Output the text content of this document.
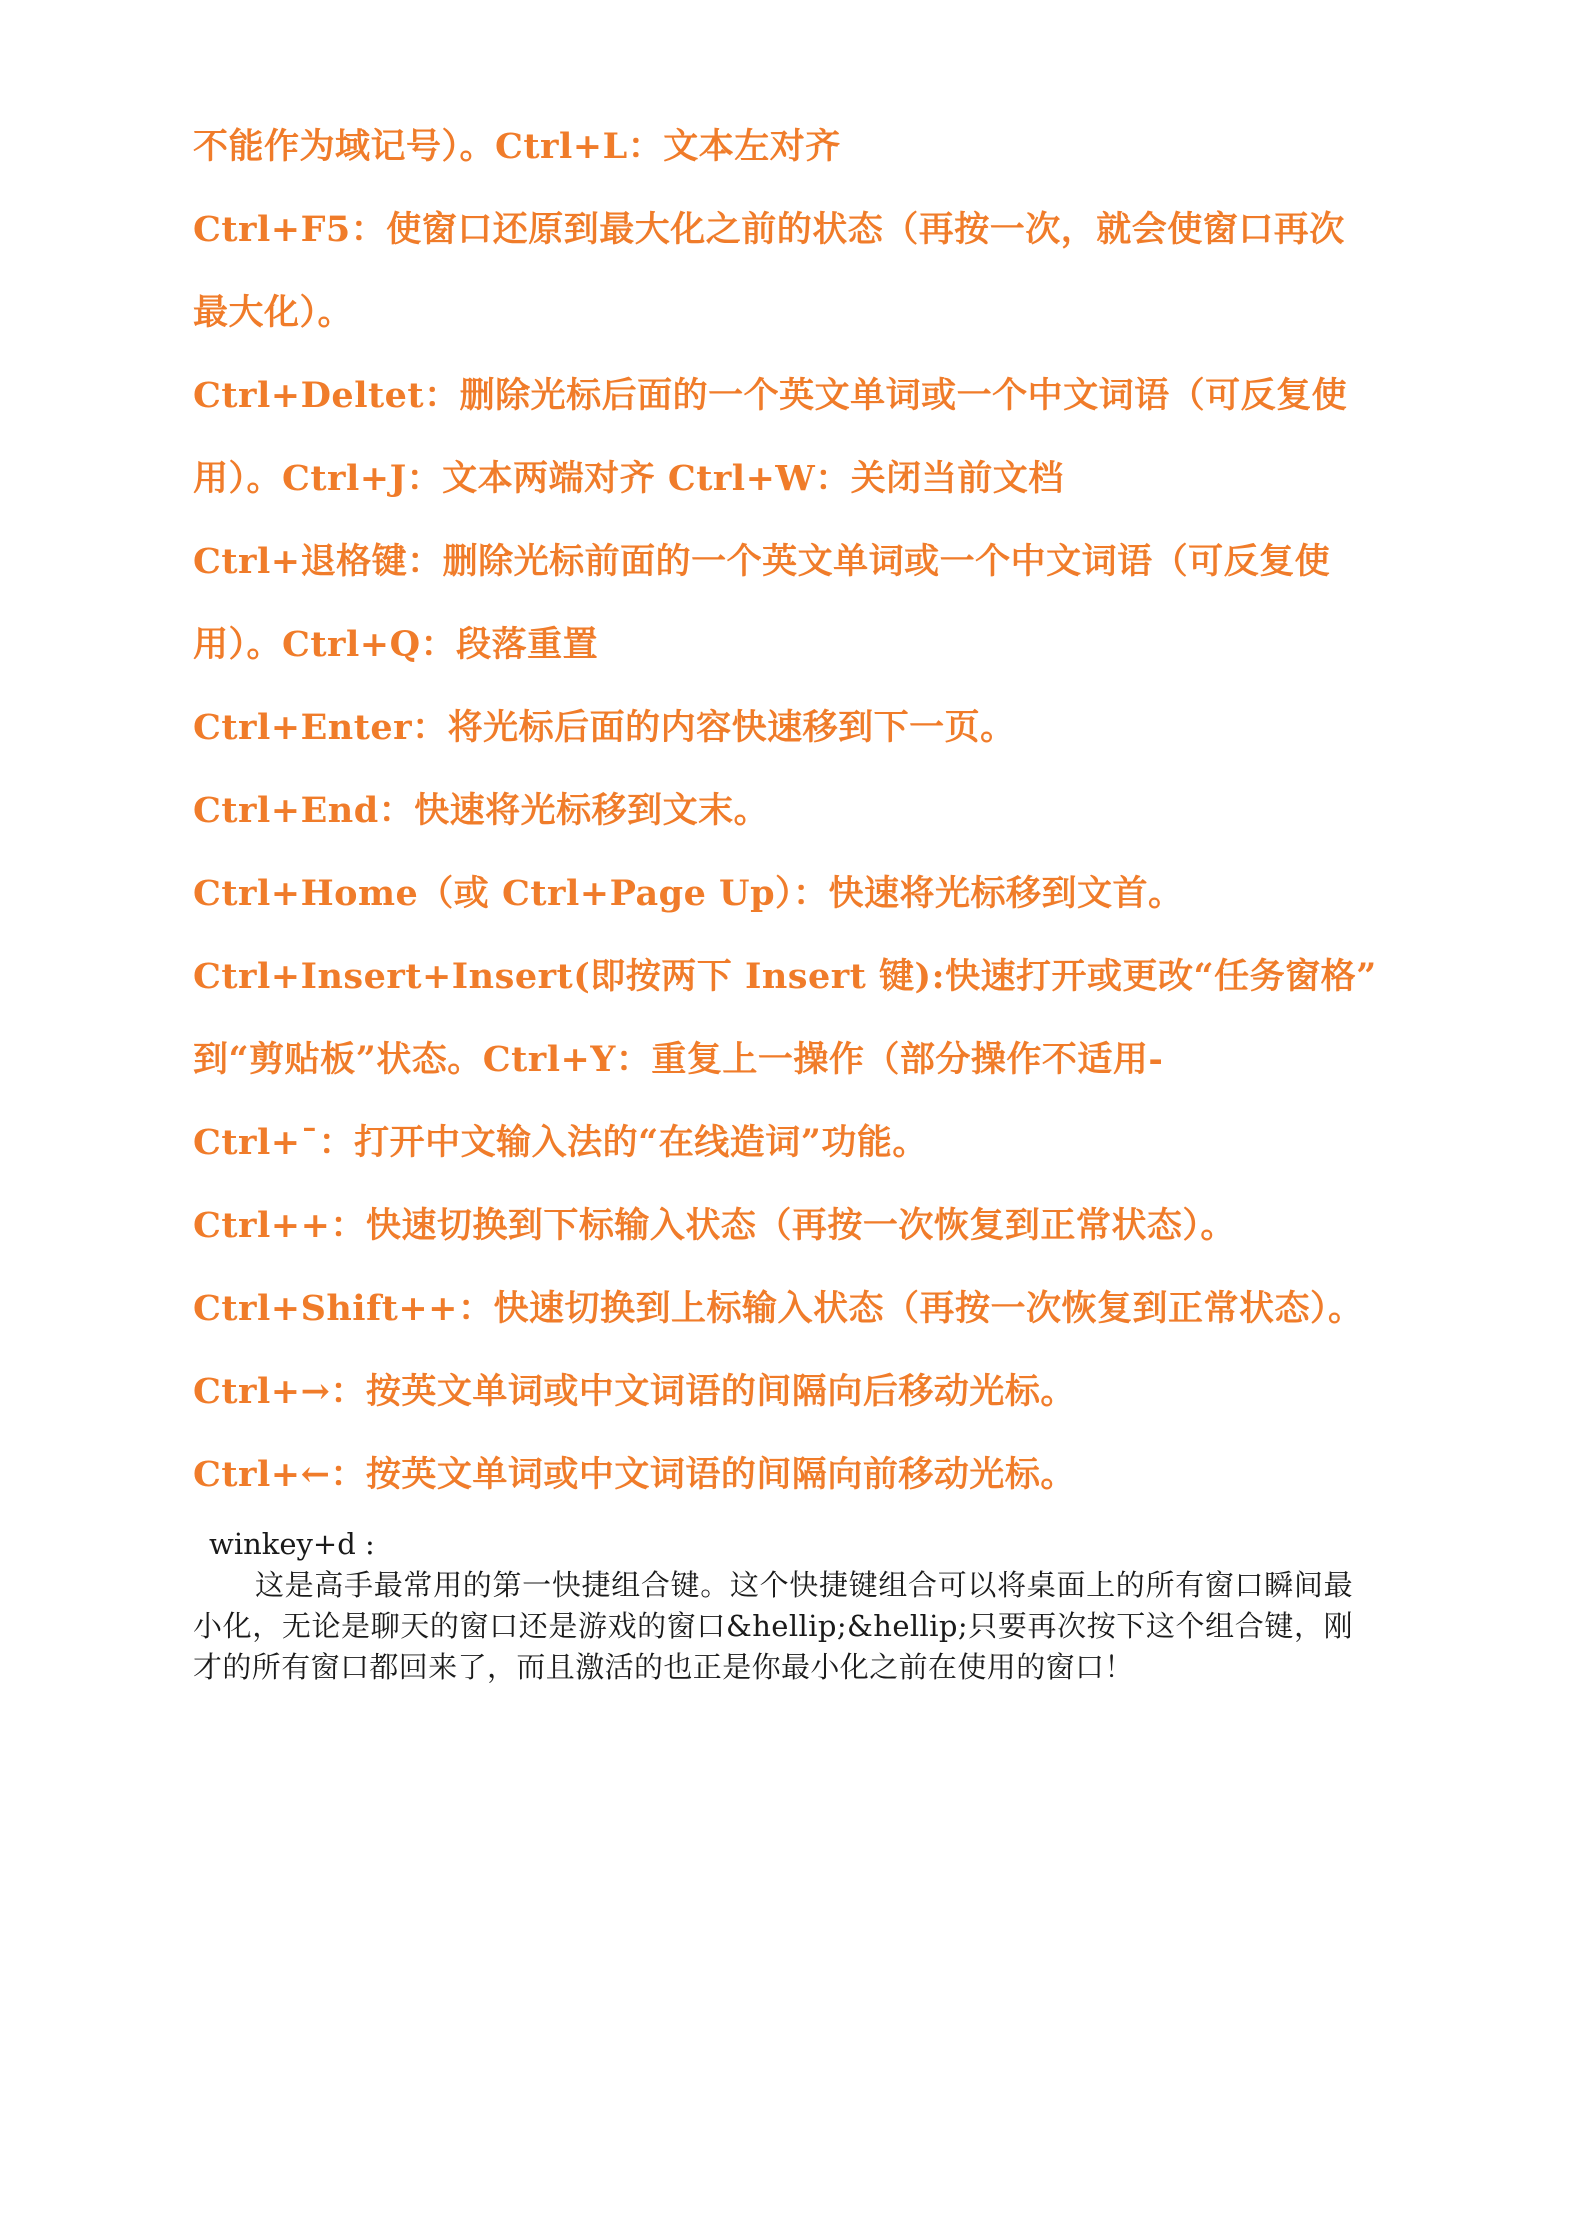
不能作为域记号）。Ctrl+L：文本左对齐
Ctrl+F5：使窗口还原到最大化之前的状态（再按一次，就会使窗口再次
最大化）。
Ctrl+Deltet：删除光标后面的一个英文单词或一个中文词语（可反复使
用）。Ctrl+J：文本两端对齐 Ctrl+W：关闭当前文档
Ctrl+退格键：删除光标前面的一个英文单词或一个中文词语（可反复使
用）。Ctrl+Q：段落重置
Ctrl+Enter：将光标后面的内容快速移到下一页。
Ctrl+End：快速将光标移到文末。
Ctrl+Home（或 Ctrl+Page Up）：快速将光标移到文首。
Ctrl+Insert+Insert(即按两下 Insert 键):快速打开或更改“任务窗格”
到“剪贴板”状态。Ctrl+Y：重复上一操作（部分操作不适用-
Ctrl+¯：打开中文输入法的“在线造词”功能。
Ctrl++：快速切换到下标输入状态（再按一次恢复到正常状态）。
Ctrl+Shift++：快速切换到上标输入状态（再按一次恢复到正常状态）。
Ctrl+→：按英文单词或中文词语的间隔向后移动光标。
Ctrl+←：按英文单词或中文词语的间隔向前移动光标。
winkey+d :
这是高手最常用的第一快捷组合键。这个快捷键组合可以将桌面上的所有窗口瞬间最小化，无论是聊天的窗口还是游戏的窗口&hellip;&hellip;只要再次按下这个组合键，刚才的所有窗口都回来了，而且激活的也正是你最小化之前在使用的窗口！
